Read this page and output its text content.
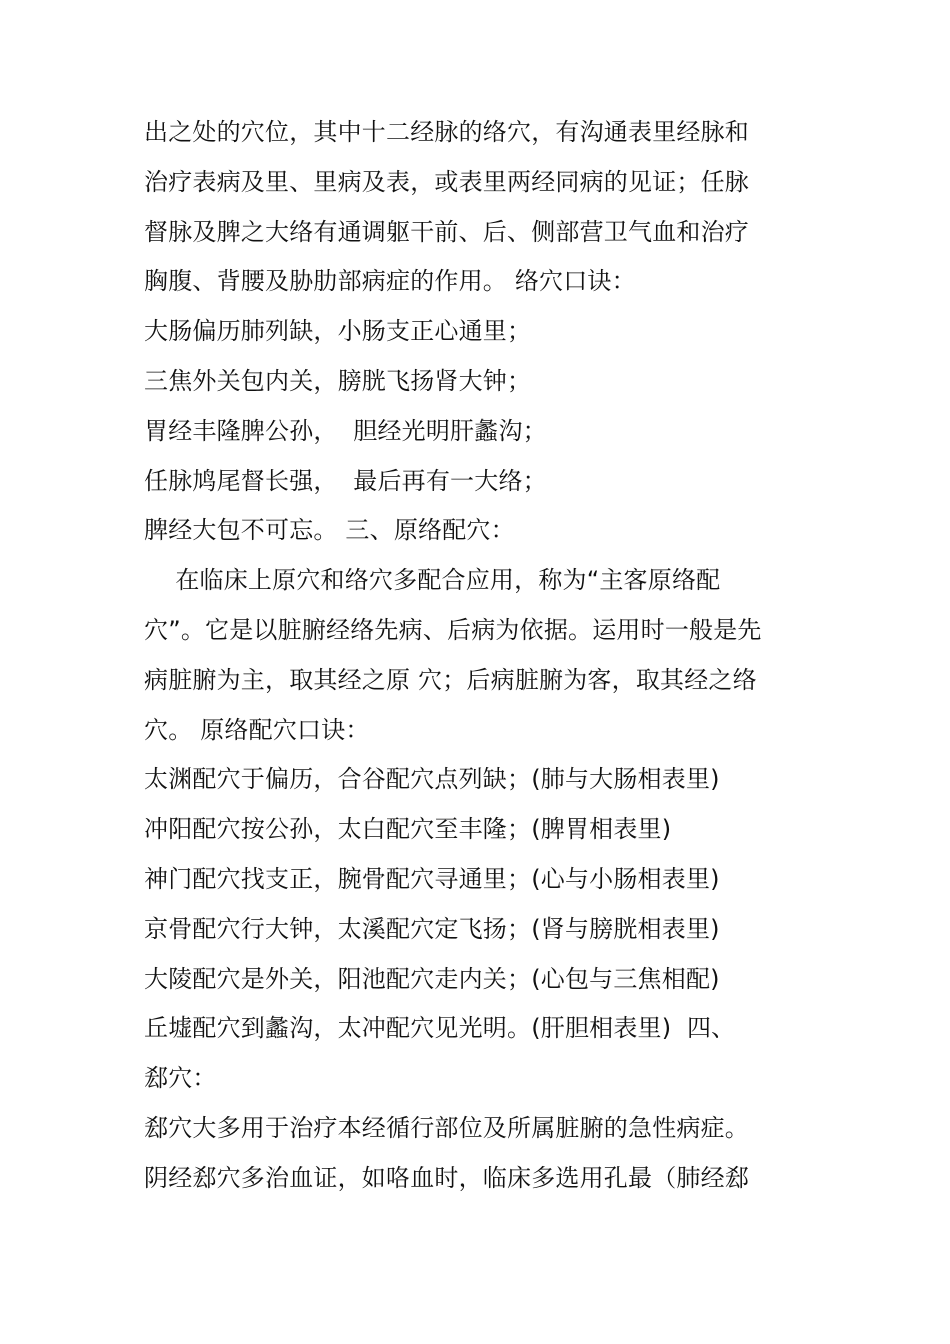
出之处的穴位，其中十二经脉的络穴，有沟通表里经脉和
治疗表病及里、里病及表，或表里两经同病的见证；任脉
督脉及脾之大络有通调躯干前、后、侧部营卫气血和治疗
胸腹、背腰及胁肋部病症的作用。 络穴口诀：
大肠偏历肺列缺，小肠支正心通里；
三焦外关包内关，膀胱飞扬肾大钟；
胃经丰隆脾公孙，  胆经光明肝蠡沟；
任脉鸠尾督长强，  最后再有一大络；
脾经大包不可忘。 三、原络配穴：
在临床上原穴和络穴多配合应用，称为“主客原络配
穴”。它是以脏腑经络先病、后病为依据。运用时一般是先
病脏腑为主，取其经之原 穴；后病脏腑为客，取其经之络
穴。 原络配穴口诀：
太渊配穴于偏历，合谷配穴点列缺；(肺与大肠相表里)
冲阳配穴按公孙，太白配穴至丰隆；(脾胃相表里)
神门配穴找支正，腕骨配穴寻通里；(心与小肠相表里)
京骨配穴行大钟，太溪配穴定飞扬；(肾与膀胱相表里)
大陵配穴是外关，阳池配穴走内关；(心包与三焦相配)
丘墟配穴到蠡沟，太冲配穴见光明。(肝胆相表里)  四、
郄穴：
郄穴大多用于治疗本经循行部位及所属脏腑的急性病症。
阴经郄穴多治血证，如咯血时，临床多选用孔最（肺经郄
